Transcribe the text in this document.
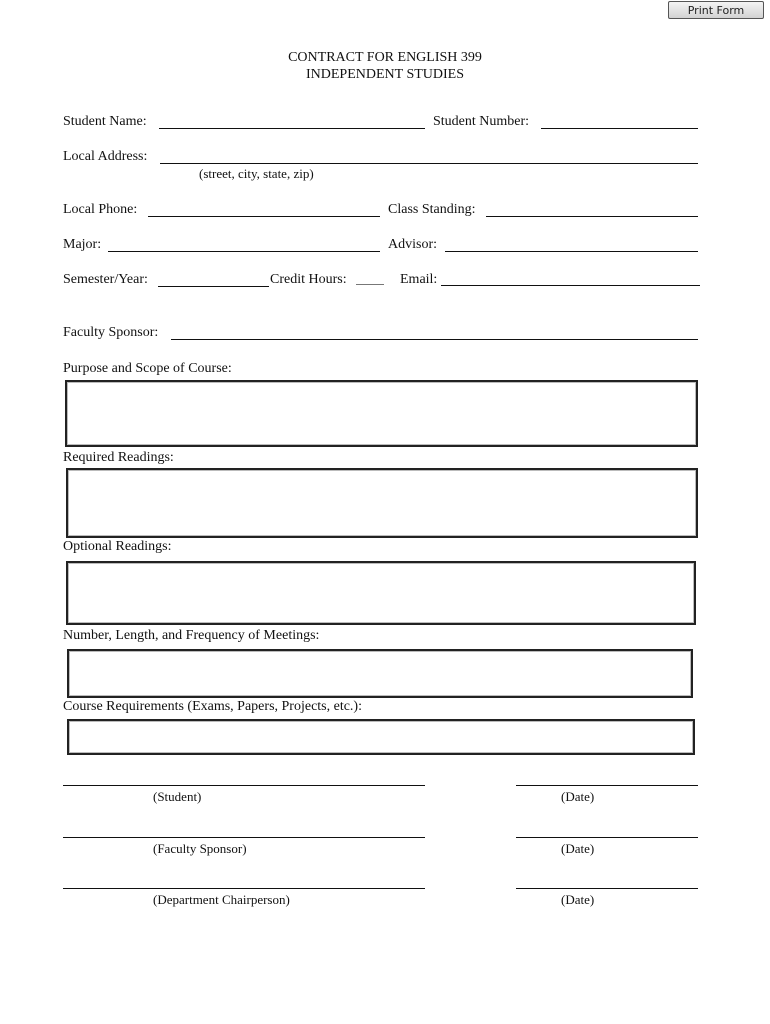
Print Form
CONTRACT FOR ENGLISH 399
INDEPENDENT STUDIES
Student Name:	Student Number:
Local Address:
(street, city, state, zip)
Local Phone:	Class Standing:
Major:	Advisor:
Semester/Year:	Credit Hours:	Email:
Faculty Sponsor:
Purpose and Scope of Course:
Required Readings:
Optional Readings:
Number, Length, and Frequency of Meetings:
Course Requirements (Exams, Papers, Projects, etc.):
(Student)	(Date)
(Faculty Sponsor)	(Date)
(Department Chairperson)	(Date)
